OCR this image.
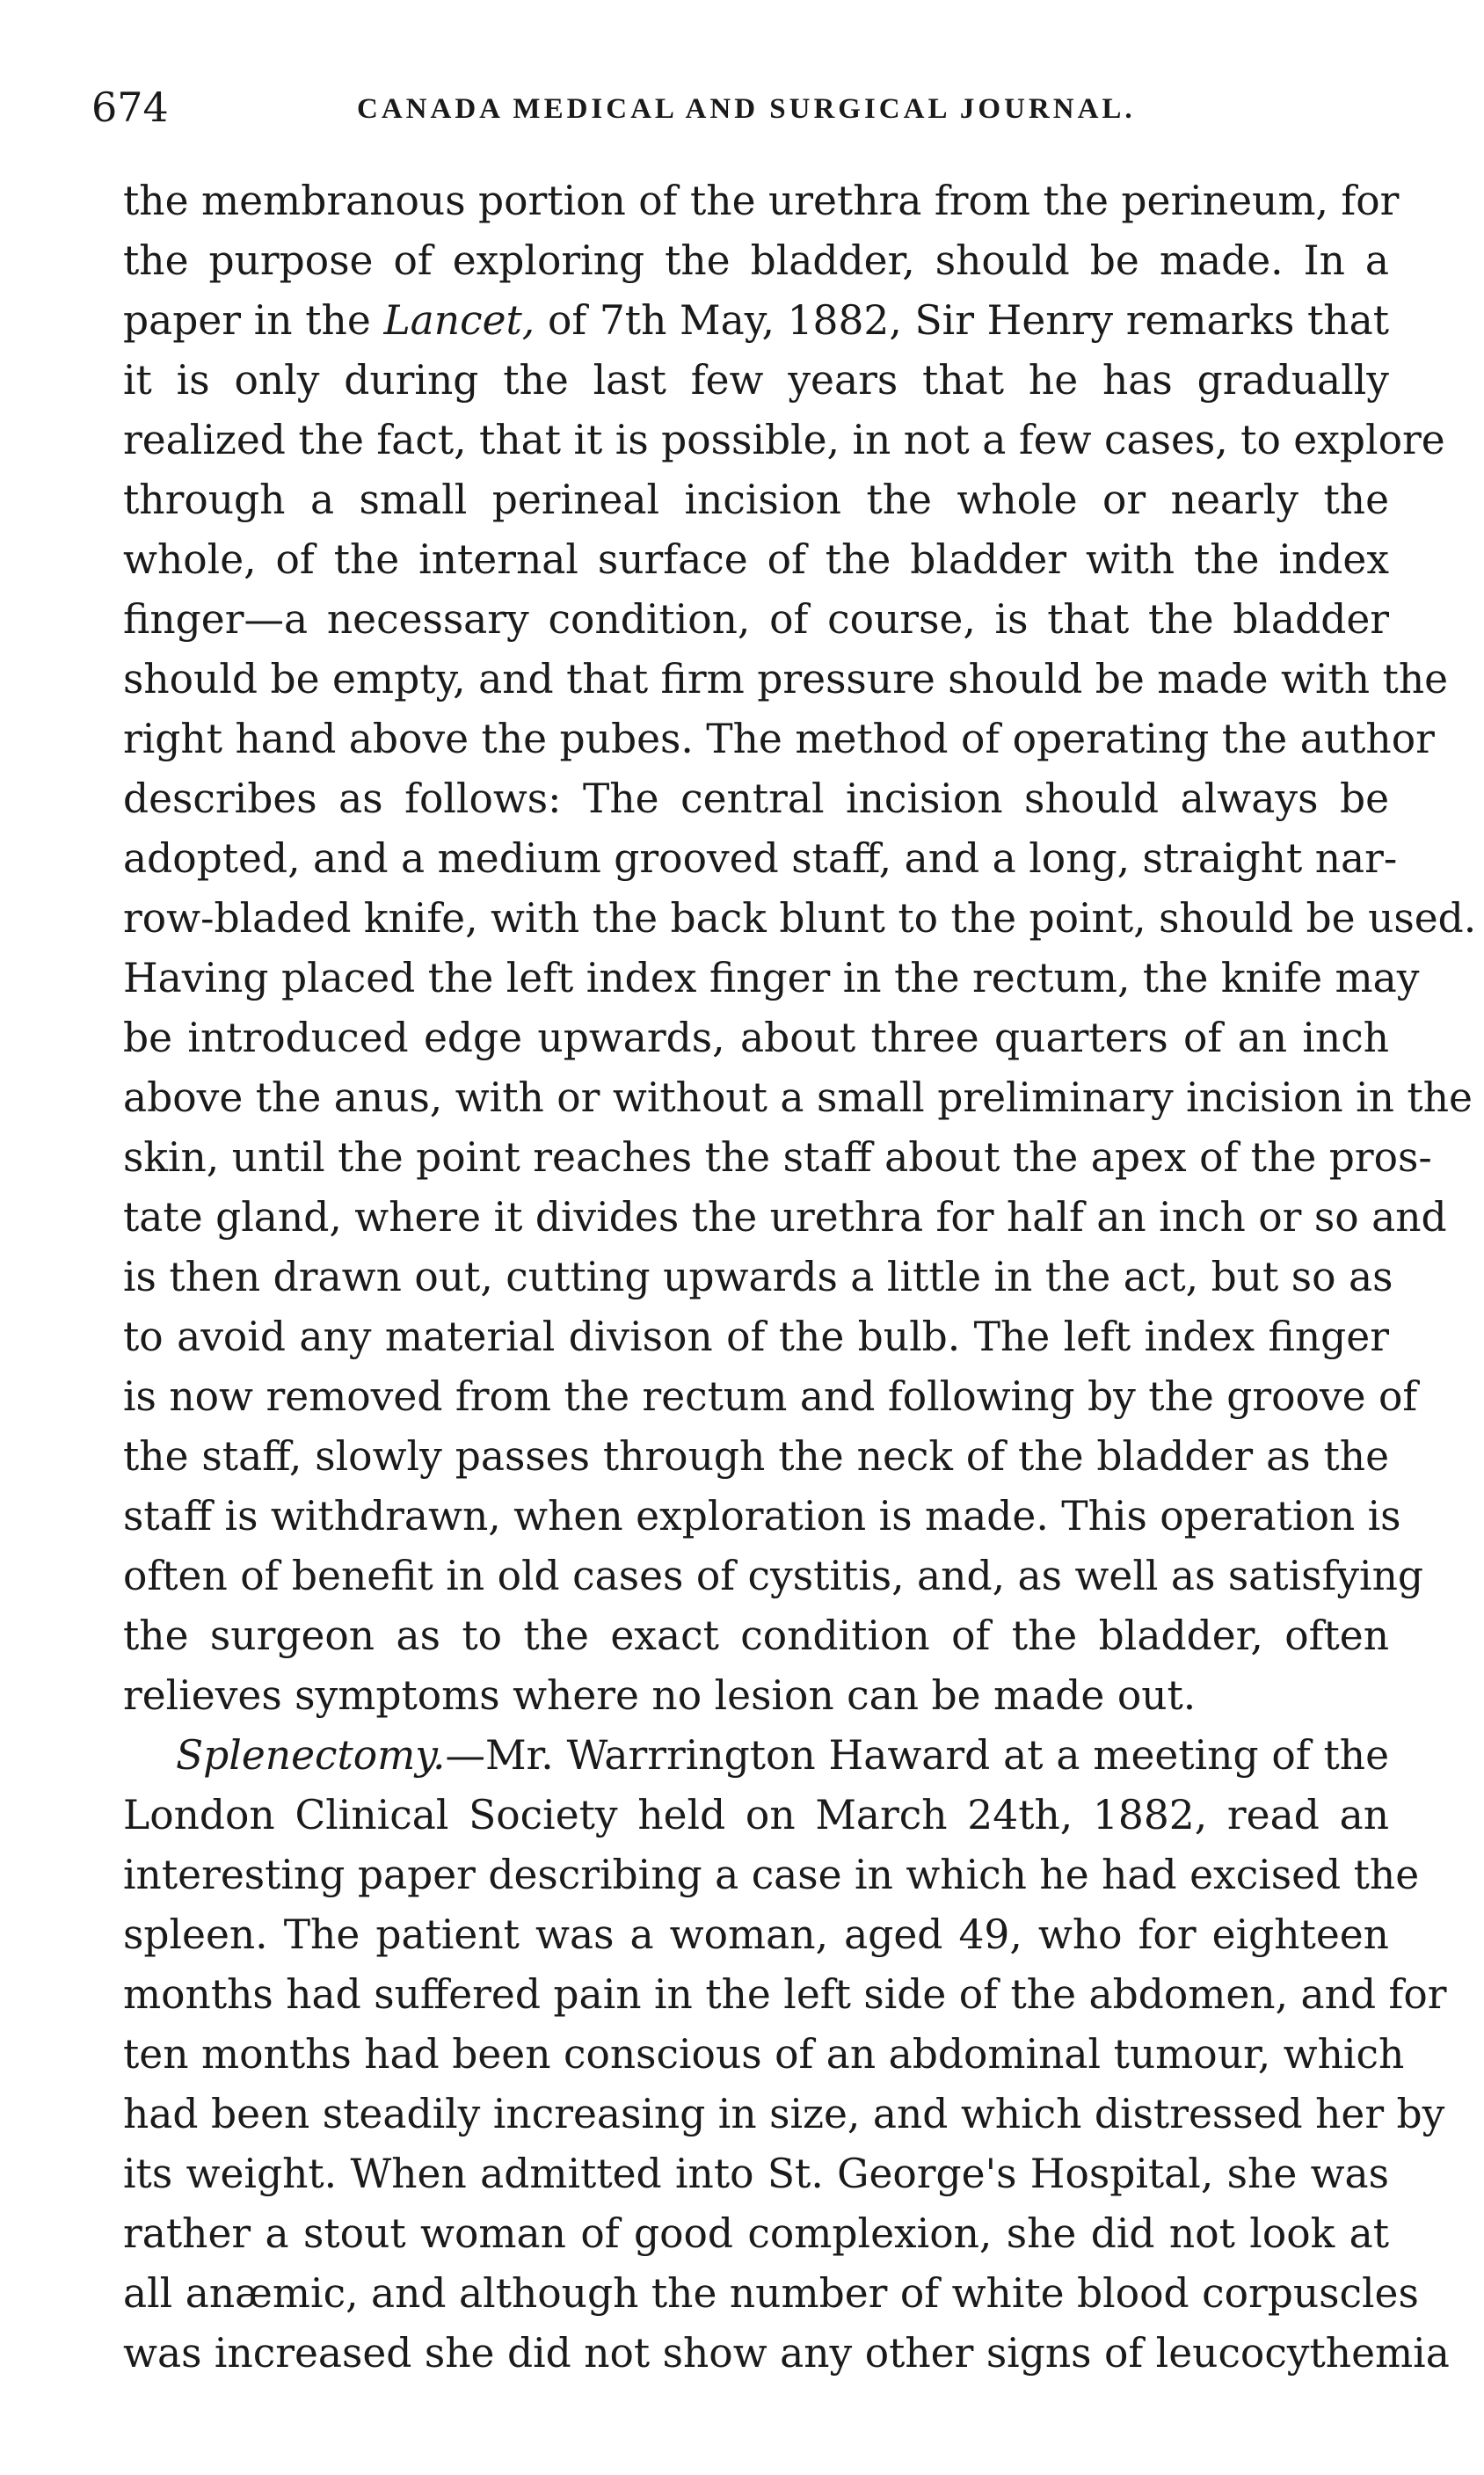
674	CANADA MEDICAL AND SURGICAL JOURNAL.
the membranous portion of the urethra from the perineum, for
the purpose of exploring the bladder, should be made. In a
paper in the Lancet, of 7th May, 1882, Sir Henry remarks that
it is only during the last few years that he has gradually
realized the fact, that it is possible, in not a few cases, to explore
through a small perineal incision the whole or nearly the
whole, of the internal surface of the bladder with the index
finger—a necessary condition, of course, is that the bladder
should be empty, and that firm pressure should be made with the
right hand above the pubes. The method of operating the author
describes as follows: The central incision should always be
adopted, and a medium grooved staff, and a long, straight nar-
row-bladed knife, with the back blunt to the point, should be used.
Having placed the left index finger in the rectum, the knife may
be introduced edge upwards, about three quarters of an inch
above the anus, with or without a small preliminary incision in the
skin, until the point reaches the staff about the apex of the pros-
tate gland, where it divides the urethra for half an inch or so and
is then drawn out, cutting upwards a little in the act, but so as
to avoid any material divison of the bulb. The left index finger
is now removed from the rectum and following by the groove of
the staff, slowly passes through the neck of the bladder as the
staff is withdrawn, when exploration is made. This operation is
often of benefit in old cases of cystitis, and, as well as satisfying
the surgeon as to the exact condition of the bladder, often
relieves symptoms where no lesion can be made out.
Splenectomy.—Mr. Warrrington Haward at a meeting of the
London Clinical Society held on March 24th, 1882, read an
interesting paper describing a case in which he had excised the
spleen. The patient was a woman, aged 49, who for eighteen
months had suffered pain in the left side of the abdomen, and for
ten months had been conscious of an abdominal tumour, which
had been steadily increasing in size, and which distressed her by
its weight. When admitted into St. George's Hospital, she was
rather a stout woman of good complexion, she did not look at
all anæmic, and although the number of white blood corpuscles
was increased she did not show any other signs of leucocythemia
